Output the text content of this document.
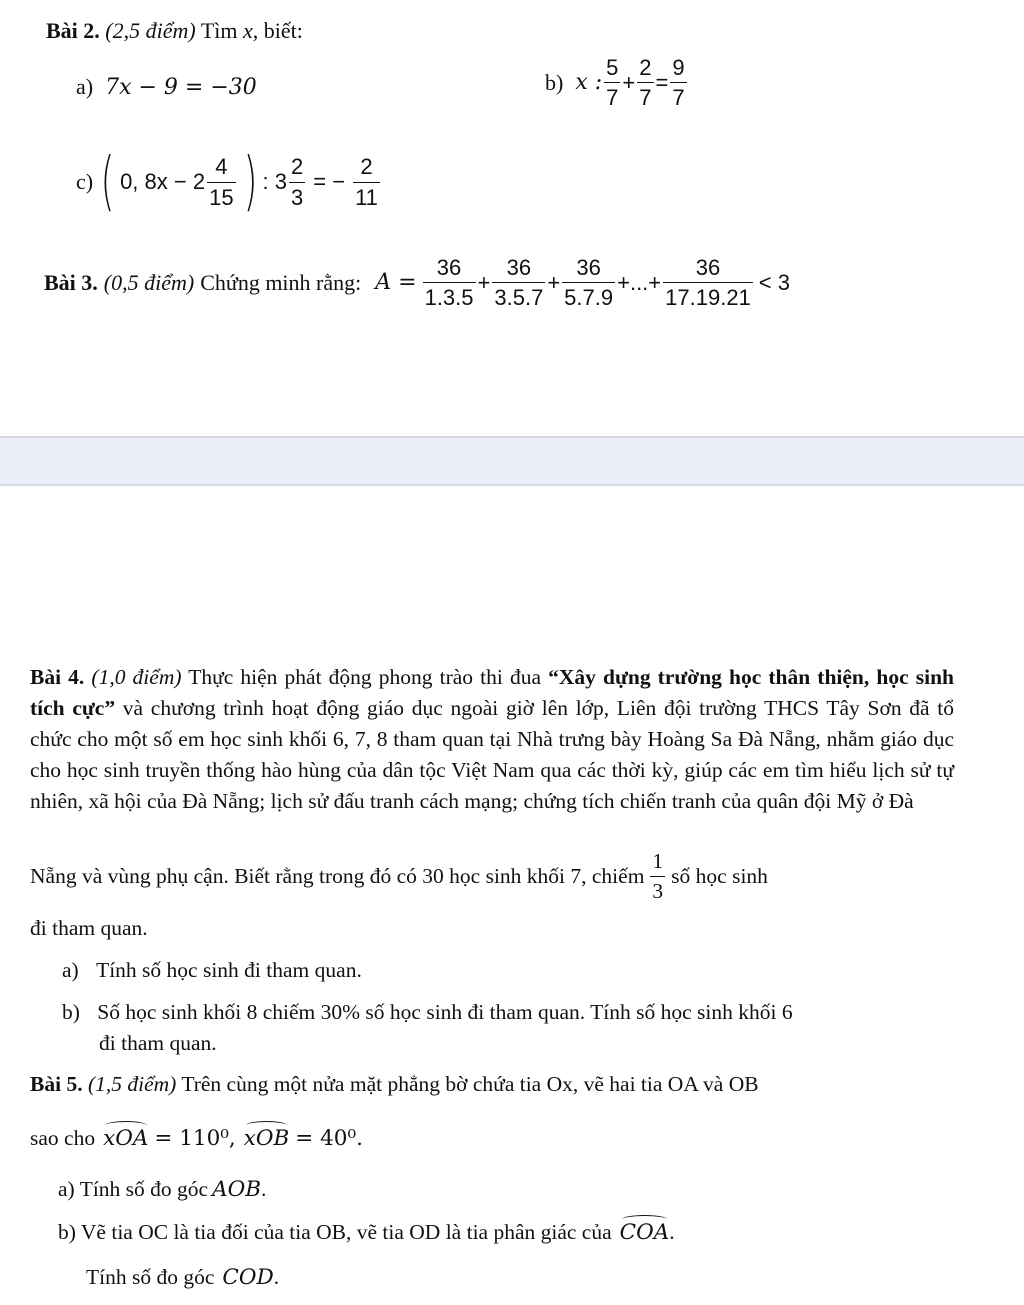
Bài 2. (2,5 điểm) Tìm x, biết:
a) 7x − 9 = −30	b) x : $\frac{5}{7} + \frac{2}{7} = \frac{9}{7}$
c) ( 0, $8x - 2 \frac{4}{15}$ ) : $3 \frac{2}{3}$ = − $\frac{2}{11}$
Bài 3. (0,5 điểm) Chứng minh rằng: $A = \frac{36}{1.3.5} + \frac{36}{3.5.7} + \frac{36}{5.7.9}$ +...+ $\frac{36}{17.19.21} < 3$
Bài 4. (1,0 điểm) Thực hiện phát động phong trào thi đua “Xây dựng trường học thân thiện, học sinh tích cực” và chương trình hoạt động giáo dục ngoài giờ lên lớp, Liên đội trường THCS Tây Sơn đã tổ chức cho một số em học sinh khối 6, 7, 8 tham quan tại Nhà trưng bày Hoàng Sa Đà Nẵng, nhằm giáo dục cho học sinh truyền thống hào hùng của dân tộc Việt Nam qua các thời kỳ, giúp các em tìm hiểu lịch sử tự nhiên, xã hội của Đà Nẵng; lịch sử đấu tranh cách mạng; chứng tích chiến tranh của quân đội Mỹ ở Đà
Nẵng và vùng phụ cận. Biết rằng trong đó có 30 học sinh khối 7, chiếm $\frac{1}{3}$ số học sinh
đi tham quan.
a) Tính số học sinh đi tham quan.
b) Số học sinh khối 8 chiếm 30% số học sinh đi tham quan. Tính số học sinh khối 6
đi tham quan.
Bài 5. (1,5 điểm) Trên cùng một nửa mặt phẳng bờ chứa tia Ox, vẽ hai tia OA và OB
sao cho xOA = 110⁰, xOB = 40⁰.
a) Tính số đo góc AOB.
b) Vẽ tia OC là tia đối của tia OB, vẽ tia OD là tia phân giác của COA.
Tính số đo góc COD.
